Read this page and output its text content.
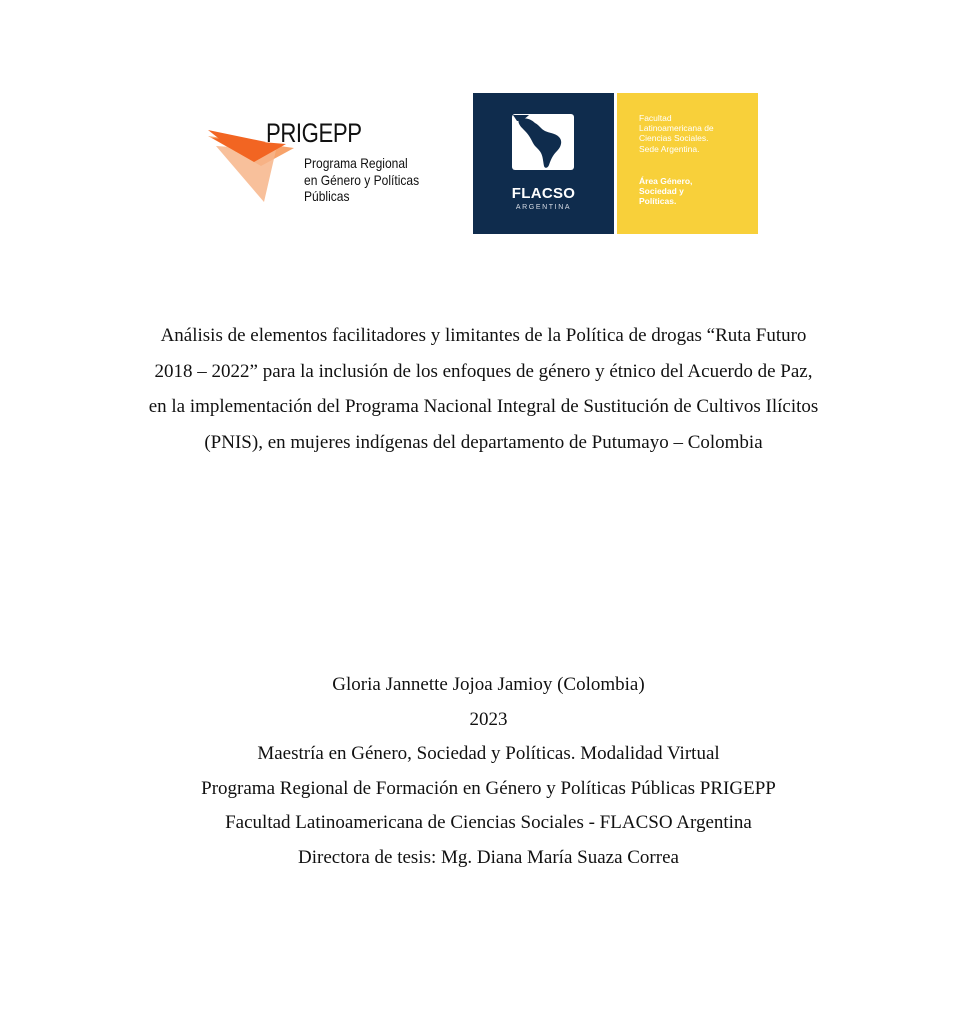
PRIGEPP
Programa Regional
en Género y Políticas
Públicas	FLACSO
ARGENTINA
Facultad
Latinoamericana de
Ciencias Sociales.
Sede Argentina.
Área Género,
Sociedad y
Políticas.
Análisis de elementos facilitadores y limitantes de la Política de drogas “Ruta Futuro
2018 – 2022” para la inclusión de los enfoques de género y étnico del Acuerdo de Paz,
en la implementación del Programa Nacional Integral de Sustitución de Cultivos Ilícitos
(PNIS), en mujeres indígenas del departamento de Putumayo – Colombia
Gloria Jannette Jojoa Jamioy (Colombia)
2023
Maestría en Género, Sociedad y Políticas. Modalidad Virtual
Programa Regional de Formación en Género y Políticas Públicas PRIGEPP
Facultad Latinoamericana de Ciencias Sociales - FLACSO Argentina
Directora de tesis: Mg. Diana María Suaza Correa
